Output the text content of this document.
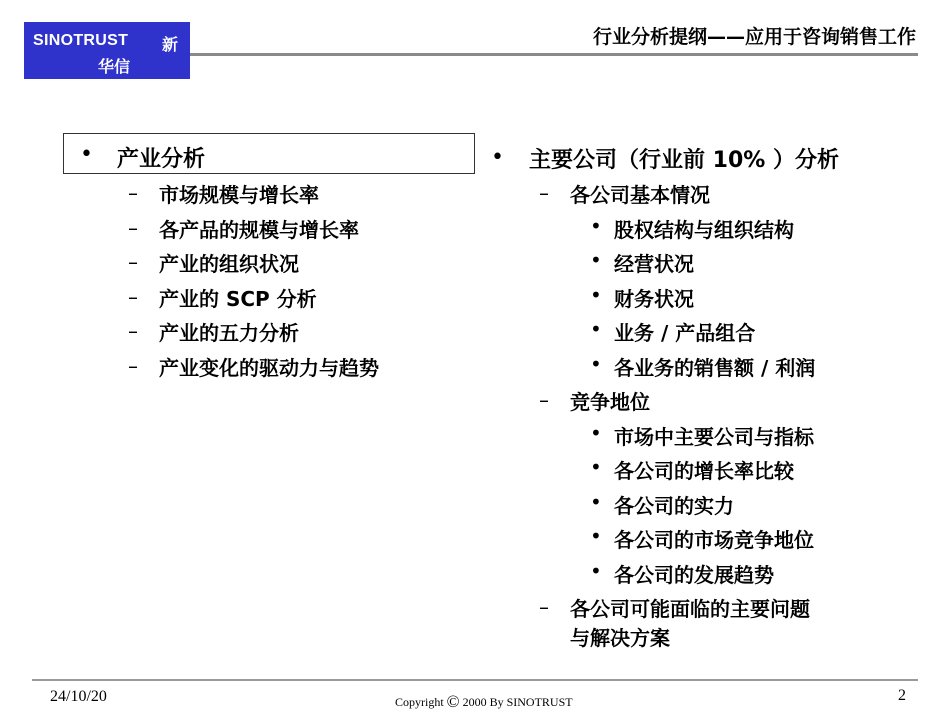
SINOTRUST 新
华信
行业分析提纲——应用于咨询销售工作
• 产业分析
– 市场规模与增长率
– 各产品的规模与增长率
– 产业的组织状况
– 产业的 SCP 分析
– 产业的五力分析
– 产业变化的驱动力与趋势
• 主要公司（行业前 10% ）分析
– 各公司基本情况
• 股权结构与组织结构
• 经营状况
• 财务状况
• 业务 / 产品组合
• 各业务的销售额 / 利润
– 竞争地位
• 市场中主要公司与指标
• 各公司的增长率比较
• 各公司的实力
• 各公司的市场竞争地位
• 各公司的发展趋势
– 各公司可能面临的主要问题
与解决方案
24/10/20	Copyright © 2000 By SINOTRUST	2
